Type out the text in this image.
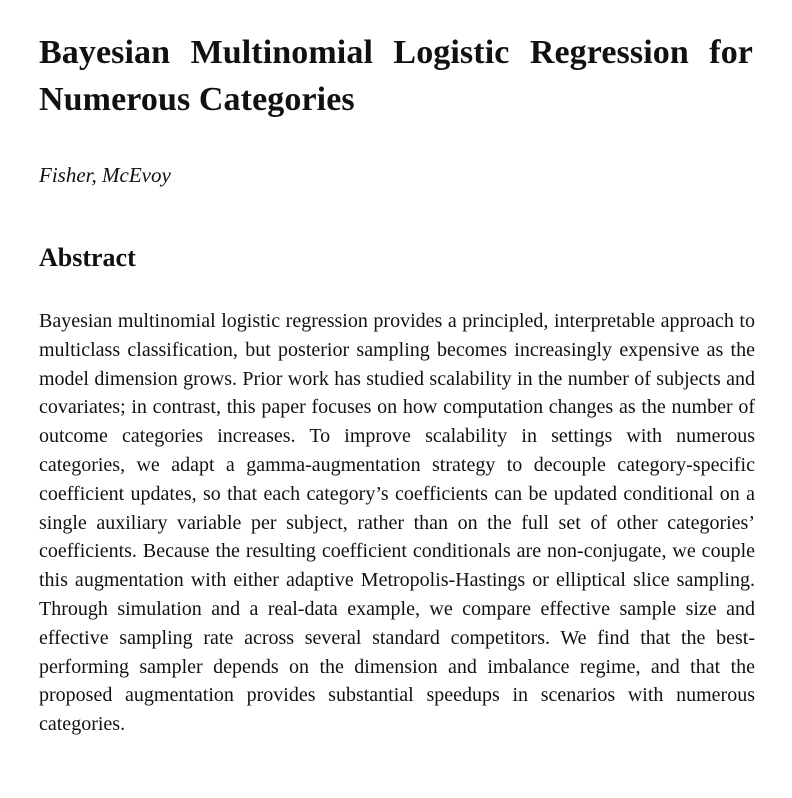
Bayesian Multinomial Logistic Regression for Numerous Categories

Fisher, McEvoy

Abstract

Bayesian multinomial logistic regression provides a principled, interpretable approach to multiclass classification, but posterior sampling becomes increasingly expensive as the model dimension grows. Prior work has studied scalability in the number of subjects and covariates; in contrast, this paper focuses on how computation changes as the number of outcome categories increases. To improve scalability in settings with numerous categories, we adapt a gamma-augmentation strategy to decouple category-specific coefficient updates, so that each category’s coefficients can be updated conditional on a single auxiliary variable per subject, rather than on the full set of other categories’ coefficients. Because the resulting coefficient conditionals are non-conjugate, we couple this augmentation with either adaptive Metropolis-Hastings or elliptical slice sampling. Through simulation and a real-data example, we compare effective sample size and effective sampling rate across several standard competitors. We find that the best-performing sampler depends on the dimension and imbalance regime, and that the proposed augmentation provides substantial speedups in scenarios with numerous categories.
